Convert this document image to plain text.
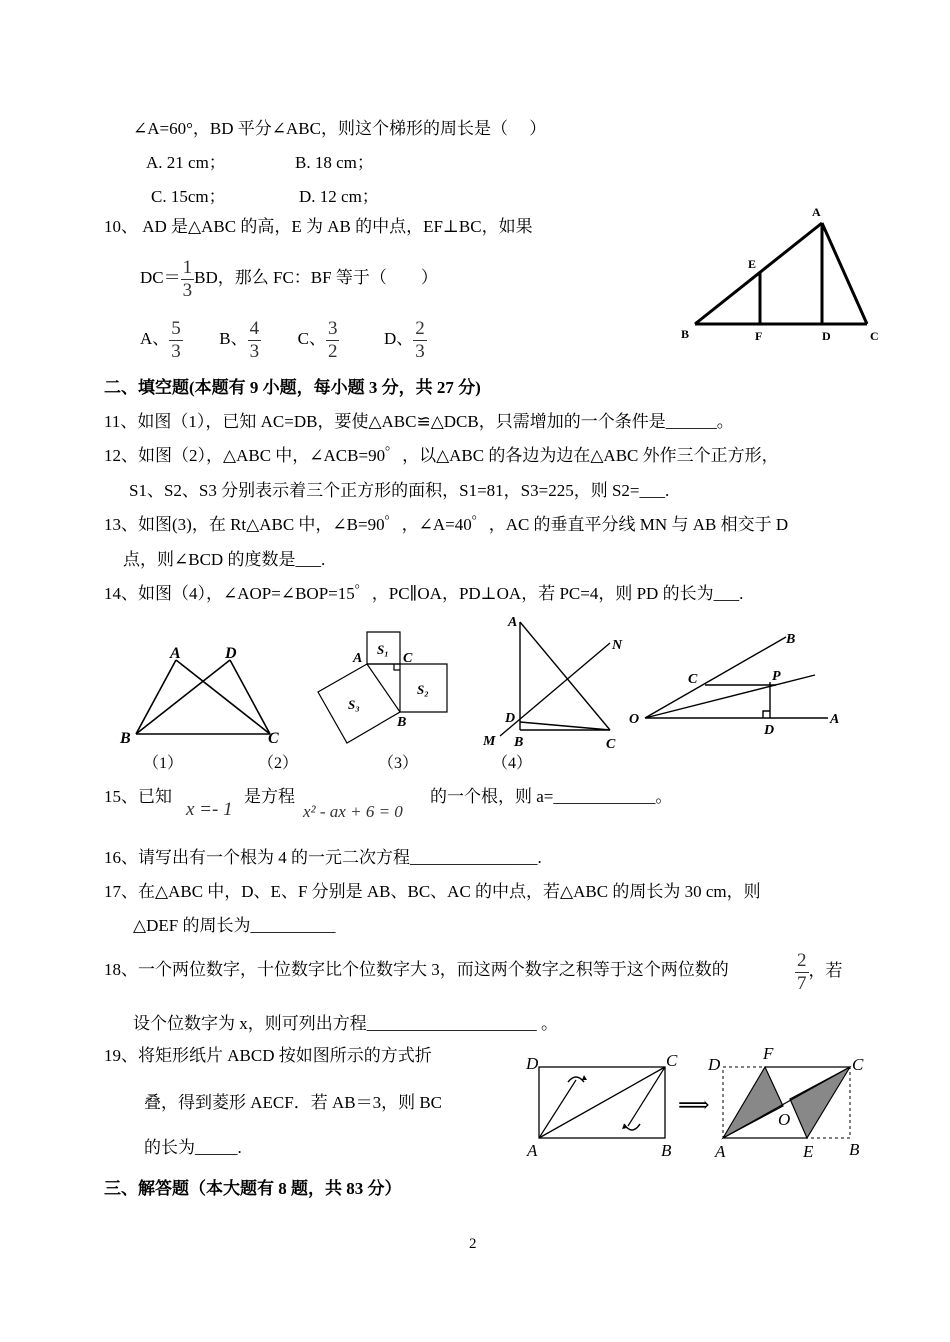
∠A=60°，BD 平分∠ABC，则这个梯形的周长是（　 ）
A. 21 cm；	B. 18 cm；
C. 15cm；	D. 12 cm；
10、 AD 是△ABC 的高，E 为 AB 的中点，EF⊥BC，如果
$DC= \frac{1}{3}$ BD，那么 FC：BF 等于（　　）
A、 $\frac{5}{3}$ B、 $\frac{4}{3}$ C、 $\frac{3}{2}$	D、 $\frac{2}{3}$
A
E
B	F	D	C
二、填空题(本题有 9 小题，每小题 3 分，共 27 分)
11、如图（1），已知 AC=DB，要使△ABC≌△DCB，只需增加的一个条件是______。
12、如图（2），△ABC 中，∠ACB=90゜，以△ABC 的各边为边在△ABC 外作三个正方形，
S1、S2、S3 分别表示着三个正方形的面积，S1=81，S3=225，则 S2=___.
13、如图(3)，在 Rt△ABC 中，∠B=90゜，∠A=40゜，AC 的垂直平分线 MN 与 AB 相交于 D
点，则∠BCD 的度数是___.
14、如图（4），∠AOP=∠BOP=15゜，PC∥OA，PD⊥OA，若 PC=4，则 PD 的长为___.
A	D
B	C
S₁
S₂
S₃
A	C
B
A
N
D
M B	C
B
C	P
O
D
A
（1）	（2）	（3）	（4）
15、已知
x =- 1
是方程
x² - ax + 6 = 0
的一个根，则 a=____________。
16、请写出有一个根为 4 的一元二次方程_______________.
17、在△ABC 中，D、E、F 分别是 AB、BC、AC 的中点，若△ABC 的周长为 30 cm，则
△DEF 的周长为__________
18、一个两位数字，十位数字比个位数字大 3，而这两个数字之积等于这个两位数的	$\frac{2}{7}$ ，若
设个位数字为 x，则可列出方程____________________ 。
19、将矩形纸片 ABCD 按如图所示的方式折
叠，得到菱形 AECF．若 AB＝3，则 BC
的长为_____.
D	C
A	B
⟹
D
F
C
O
A	E B
三、解答题（本大题有 8 题，共 83 分）
2
